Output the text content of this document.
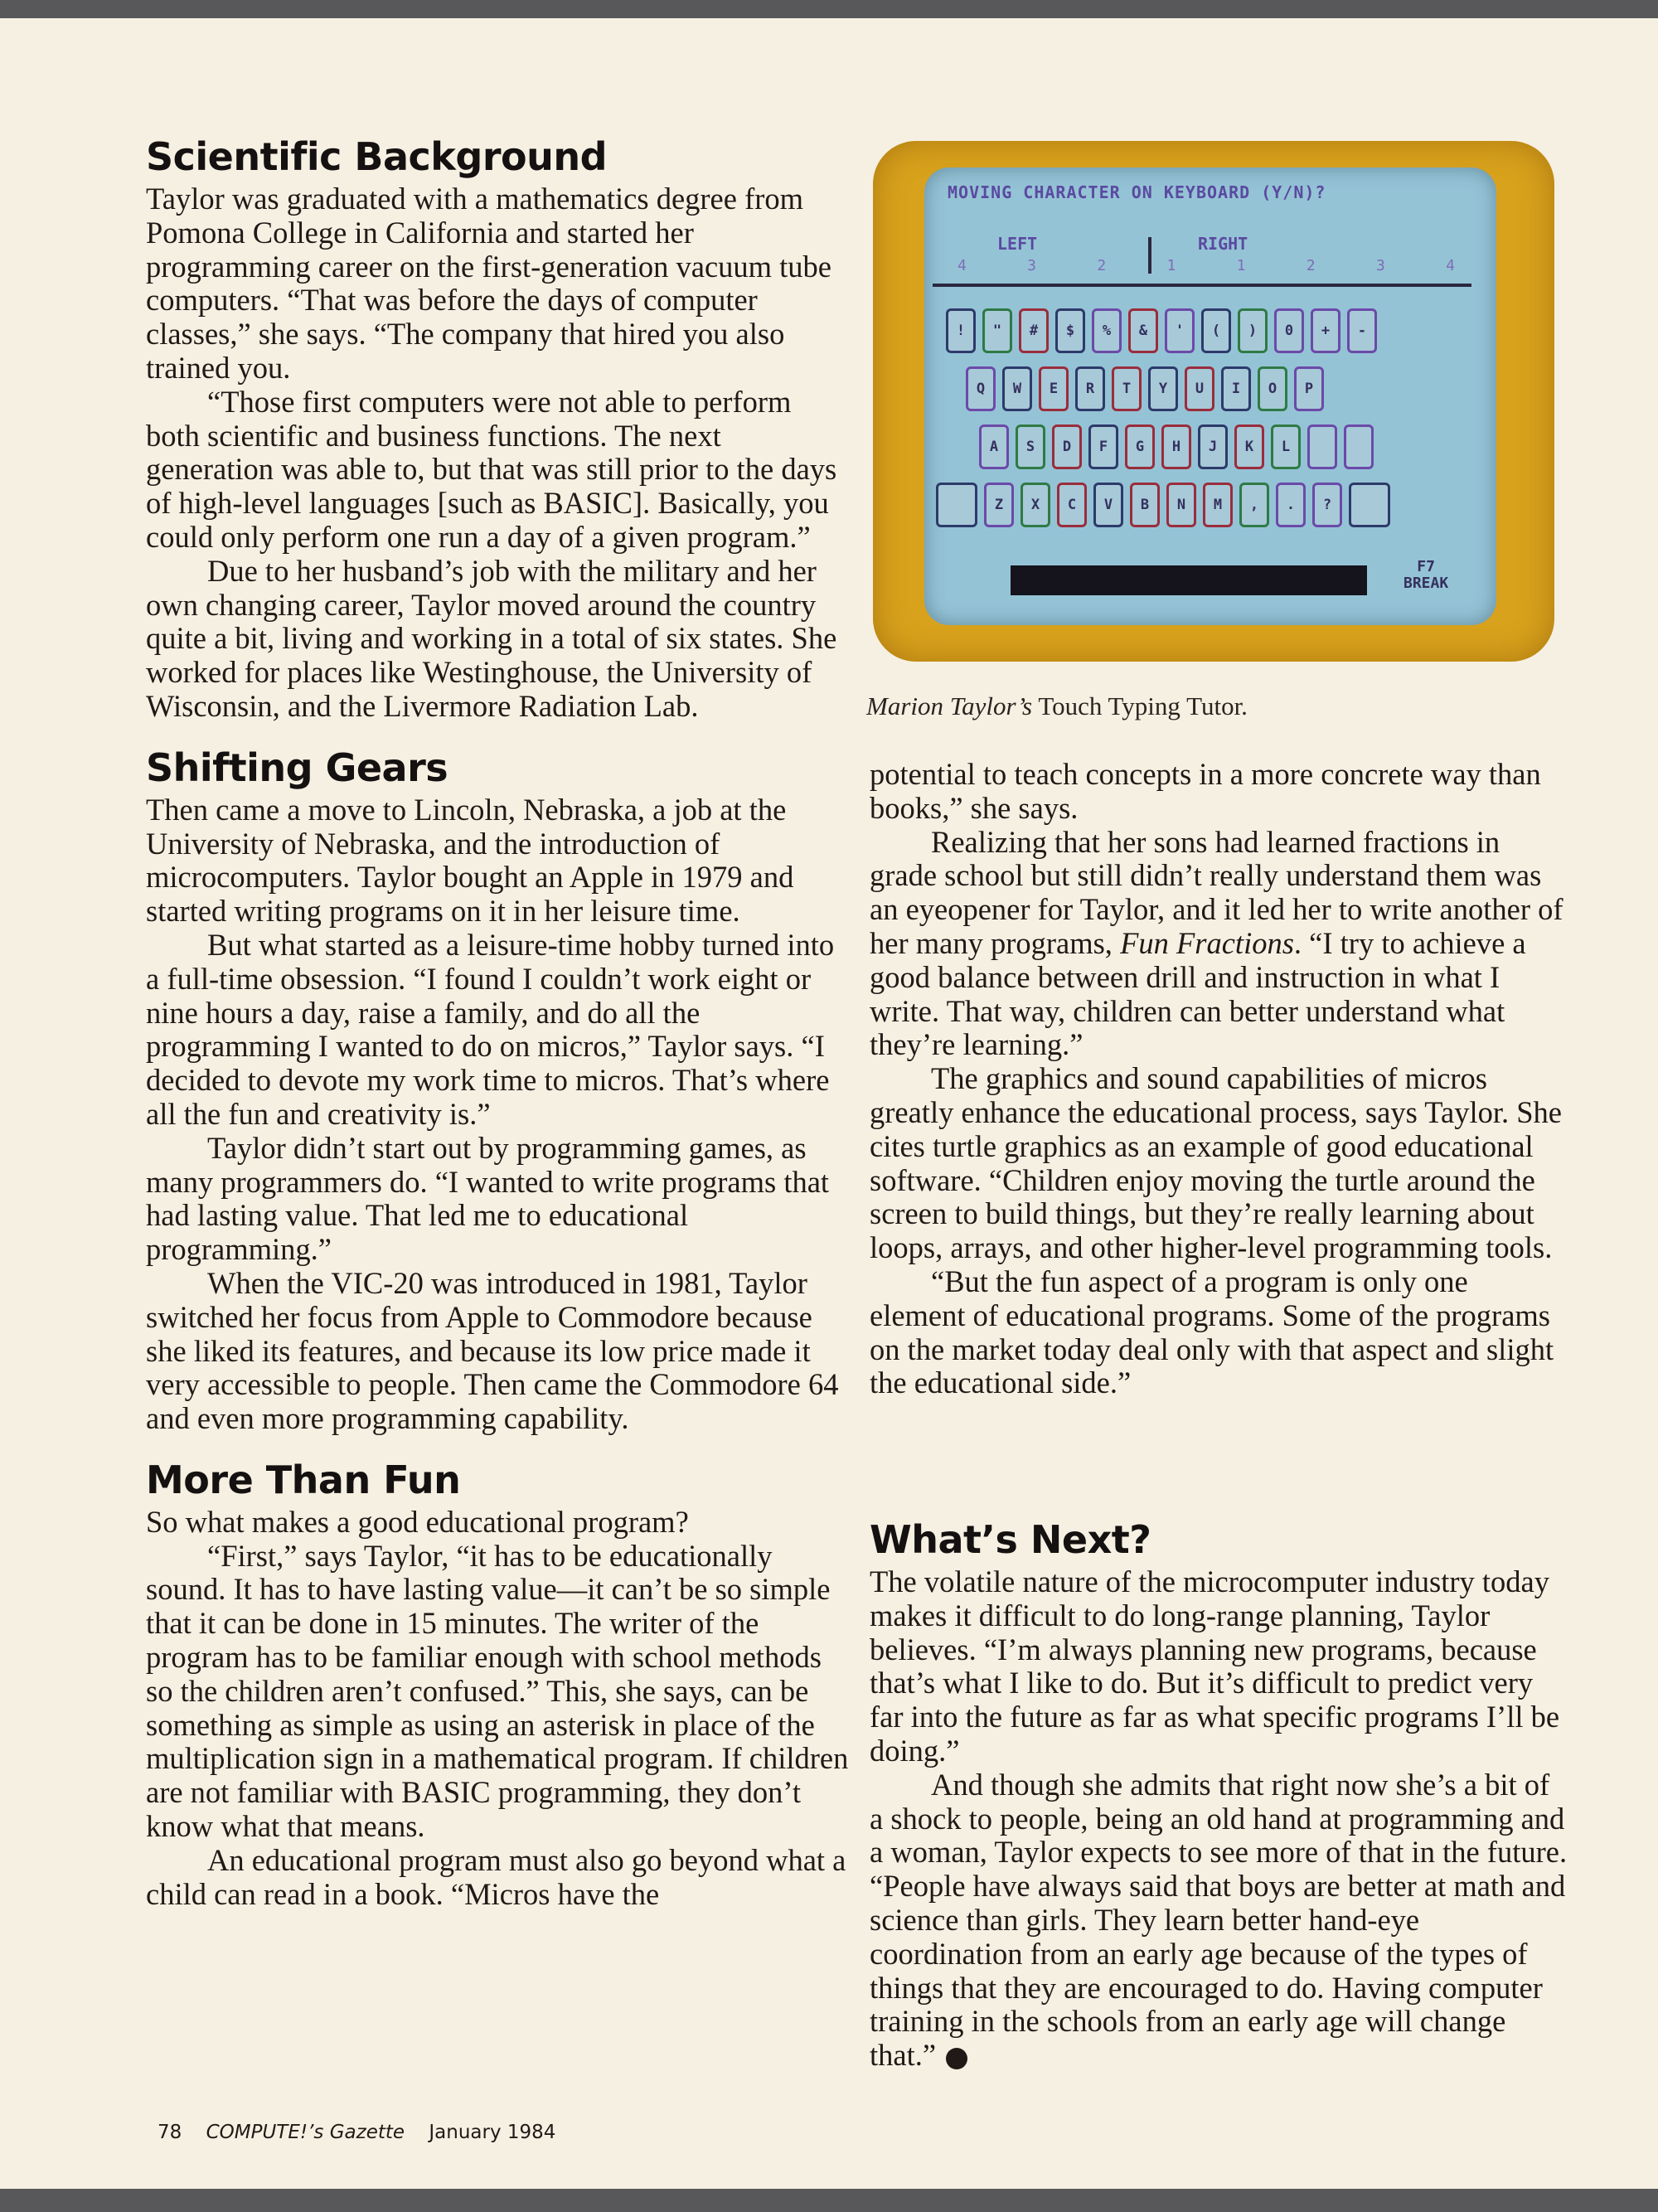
Scientific Background

Taylor was graduated with a mathematics degree from Pomona College in California and started her programming career on the first-generation vacuum tube computers. “That was before the days of computer classes,” she says. “The company that hired you also trained you.

“Those first computers were not able to perform both scientific and business functions. The next generation was able to, but that was still prior to the days of high-level languages [such as BASIC]. Basically, you could only perform one run a day of a given program.”

Due to her husband’s job with the military and her own changing career, Taylor moved around the country quite a bit, living and working in a total of six states. She worked for places like Westinghouse, the University of Wisconsin, and the Livermore Radiation Lab.

Shifting Gears

Then came a move to Lincoln, Nebraska, a job at the University of Nebraska, and the introduction of microcomputers. Taylor bought an Apple in 1979 and started writing programs on it in her leisure time.

But what started as a leisure-time hobby turned into a full-time obsession. “I found I couldn’t work eight or nine hours a day, raise a family, and do all the programming I wanted to do on micros,” Taylor says. “I decided to devote my work time to micros. That’s where all the fun and creativity is.”

Taylor didn’t start out by programming games, as many programmers do. “I wanted to write programs that had lasting value. That led me to educational programming.”

When the VIC-20 was introduced in 1981, Taylor switched her focus from Apple to Commodore because she liked its features, and because its low price made it very accessible to people. Then came the Commodore 64 and even more programming capability.

More Than Fun

So what makes a good educational program?

“First,” says Taylor, “it has to be educationally sound. It has to have lasting value—it can’t be so simple that it can be done in 15 minutes. The writer of the program has to be familiar enough with school methods so the children aren’t confused.” This, she says, can be something as simple as using an asterisk in place of the multiplication sign in a mathematical program. If children are not familiar with BASIC programming, they don’t know what that means.

An educational program must also go beyond what a child can read in a book. “Micros have the

MOVING CHARACTER ON KEYBOARD (Y/N)?
LEFT	RIGHT
4	3	2	1	1	2	3	4
!	"	#	$	%	&	'	(	)	0	+	-
Q	W	E	R	T	Y	U	I	O	P
A	S	D	F	G	H	J	K	L
Z	X	C	V	B	N	M	,	.	?
F7
BREAK
Marion Taylor’s Touch Typing Tutor.

potential to teach concepts in a more concrete way than books,” she says.

Realizing that her sons had learned fractions in grade school but still didn’t really understand them was an eyeopener for Taylor, and it led her to write another of her many programs, Fun Fractions. “I try to achieve a good balance between drill and instruction in what I write. That way, children can better understand what they’re learning.”

The graphics and sound capabilities of micros greatly enhance the educational process, says Taylor. She cites turtle graphics as an example of good educational software. “Children enjoy moving the turtle around the screen to build things, but they’re really learning about loops, arrays, and other higher-level programming tools.

“But the fun aspect of a program is only one element of educational programs. Some of the programs on the market today deal only with that aspect and slight the educational side.”

What’s Next?

The volatile nature of the microcomputer industry today makes it difficult to do long-range planning, Taylor believes. “I’m always planning new programs, because that’s what I like to do. But it’s difficult to predict very far into the future as far as what specific programs I’ll be doing.”

And though she admits that right now she’s a bit of a shock to people, being an old hand at programming and a woman, Taylor expects to see more of that in the future. “People have always said that boys are better at math and science than girls. They learn better hand-eye coordination from an early age because of the types of things that they are encouraged to do. Having computer training in the schools from an early age will change that.”	G

78 COMPUTE!’s Gazette January 1984
